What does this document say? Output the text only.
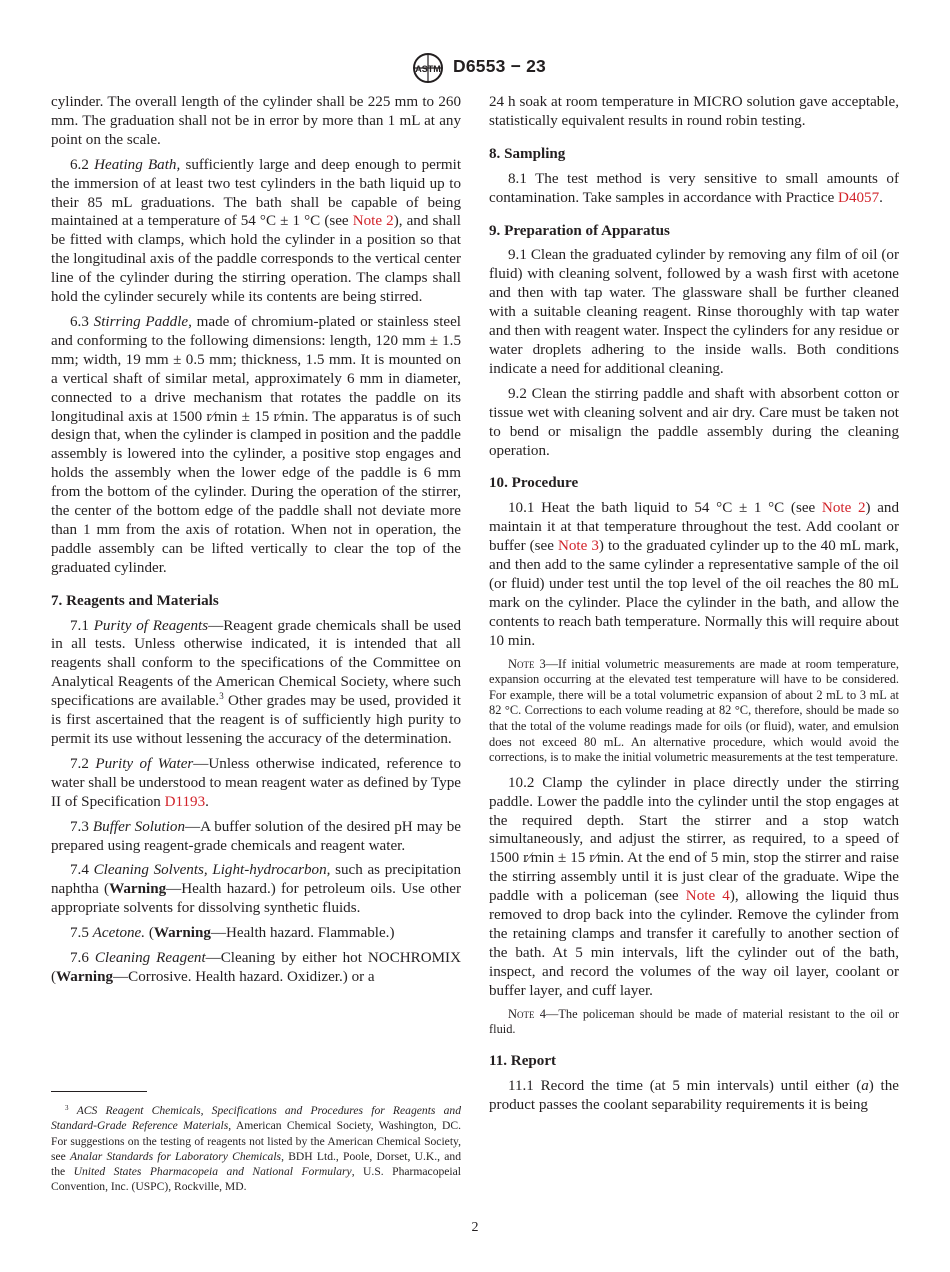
ASTM D6553 − 23

cylinder. The overall length of the cylinder shall be 225 mm to 260 mm. The graduation shall not be in error by more than 1 mL at any point on the scale.

6.2 Heating Bath, sufficiently large and deep enough to permit the immersion of at least two test cylinders in the bath liquid up to their 85 mL graduations. The bath shall be capable of being maintained at a temperature of 54 °C ± 1 °C (see Note 2), and shall be fitted with clamps, which hold the cylinder in a position so that the longitudinal axis of the paddle corresponds to the vertical center line of the cylinder during the stirring operation. The clamps shall hold the cylinder securely while its contents are being stirred.

6.3 Stirring Paddle, made of chromium-plated or stainless steel and conforming to the following dimensions: length, 120 mm ± 1.5 mm; width, 19 mm ± 0.5 mm; thickness, 1.5 mm. It is mounted on a vertical shaft of similar metal, approximately 6 mm in diameter, connected to a drive mechanism that rotates the paddle on its longitudinal axis at 1500 r⁄min ± 15 r⁄min. The apparatus is of such design that, when the cylinder is clamped in position and the paddle assembly is lowered into the cylinder, a positive stop engages and holds the assembly when the lower edge of the paddle is 6 mm from the bottom of the cylinder. During the operation of the stirrer, the center of the bottom edge of the paddle shall not deviate more than 1 mm from the axis of rotation. When not in operation, the paddle assembly can be lifted vertically to clear the top of the graduated cylinder.

7. Reagents and Materials

7.1 Purity of Reagents—Reagent grade chemicals shall be used in all tests. Unless otherwise indicated, it is intended that all reagents shall conform to the specifications of the Committee on Analytical Reagents of the American Chemical Society, where such specifications are available.$^3$ Other grades may be used, provided it is first ascertained that the reagent is of sufficiently high purity to permit its use without lessening the accuracy of the determination.

7.2 Purity of Water—Unless otherwise indicated, reference to water shall be understood to mean reagent water as defined by Type II of Specification D1193.

7.3 Buffer Solution—A buffer solution of the desired pH may be prepared using reagent-grade chemicals and reagent water.

7.4 Cleaning Solvents, Light-hydrocarbon, such as precipitation naphtha (Warning—Health hazard.) for petroleum oils. Use other appropriate solvents for dissolving synthetic fluids.

7.5 Acetone. (Warning—Health hazard. Flammable.)

7.6 Cleaning Reagent—Cleaning by either hot NOCHROMIX (Warning—Corrosive. Health hazard. Oxidizer.) or a

$^3$ ACS Reagent Chemicals, Specifications and Procedures for Reagents and Standard-Grade Reference Materials, American Chemical Society, Washington, DC. For suggestions on the testing of reagents not listed by the American Chemical Society, see Analar Standards for Laboratory Chemicals, BDH Ltd., Poole, Dorset, U.K., and the United States Pharmacopeia and National Formulary, U.S. Pharmacopeial Convention, Inc. (USPC), Rockville, MD.

24 h soak at room temperature in MICRO solution gave acceptable, statistically equivalent results in round robin testing.

8. Sampling

8.1 The test method is very sensitive to small amounts of contamination. Take samples in accordance with Practice D4057.

9. Preparation of Apparatus

9.1 Clean the graduated cylinder by removing any film of oil (or fluid) with cleaning solvent, followed by a wash first with acetone and then with tap water. The glassware shall be further cleaned with a suitable cleaning reagent. Rinse thoroughly with tap water and then with reagent water. Inspect the cylinders for any residue or water droplets adhering to the inside walls. Both conditions indicate a need for additional cleaning.

9.2 Clean the stirring paddle and shaft with absorbent cotton or tissue wet with cleaning solvent and air dry. Care must be taken not to bend or misalign the paddle assembly during the cleaning operation.

10. Procedure

10.1 Heat the bath liquid to 54 °C ± 1 °C (see Note 2) and maintain it at that temperature throughout the test. Add coolant or buffer (see Note 3) to the graduated cylinder up to the 40 mL mark, and then add to the same cylinder a representative sample of the oil (or fluid) under test until the top level of the oil reaches the 80 mL mark on the cylinder. Place the cylinder in the bath, and allow the contents to reach bath temperature. Normally this will require about 10 min.

Note 3—If initial volumetric measurements are made at room temperature, expansion occurring at the elevated test temperature will have to be considered. For example, there will be a total volumetric expansion of about 2 mL to 3 mL at 82 °C. Corrections to each volume reading at 82 °C, therefore, should be made so that the total of the volume readings made for oils (or fluid), water, and emulsion does not exceed 80 mL. An alternative procedure, which would avoid the corrections, is to make the initial volumetric measurements at the test temperature.

10.2 Clamp the cylinder in place directly under the stirring paddle. Lower the paddle into the cylinder until the stop engages at the required depth. Start the stirrer and a stop watch simultaneously, and adjust the stirrer, as required, to a speed of 1500 r⁄min ± 15 r⁄min. At the end of 5 min, stop the stirrer and raise the stirring assembly until it is just clear of the graduate. Wipe the paddle with a policeman (see Note 4), allowing the liquid thus removed to drop back into the cylinder. Remove the cylinder from the retaining clamps and transfer it carefully to another section of the bath. At 5 min intervals, lift the cylinder out of the bath, inspect, and record the volumes of the way oil layer, coolant or buffer layer, and cuff layer.

Note 4—The policeman should be made of material resistant to the oil or fluid.

11. Report

11.1 Record the time (at 5 min intervals) until either (a) the product passes the coolant separability requirements it is being

2
